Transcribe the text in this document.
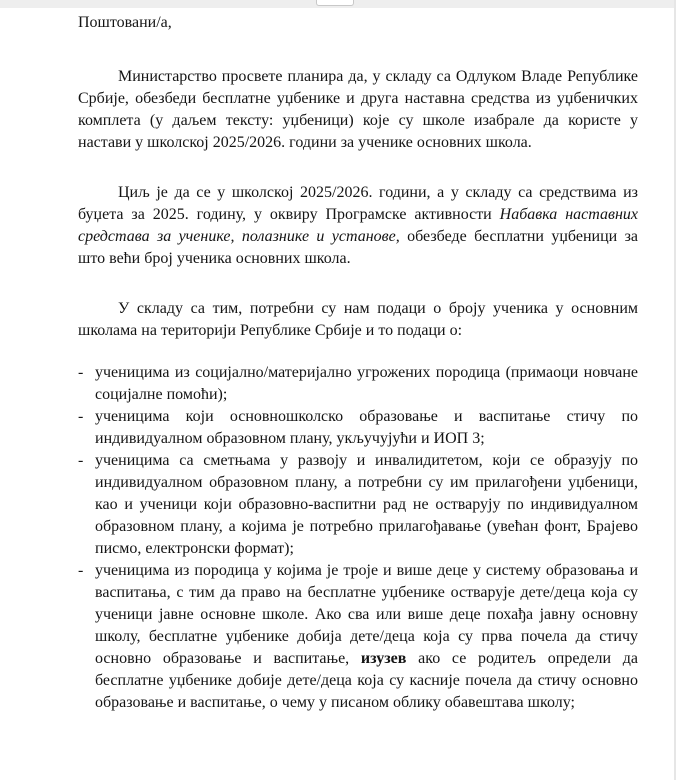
Поштовани/а,

Министарство просвете планира да, у складу са Одлуком Владе Републике Србије, обезбеди бесплатне уџбенике и друга наставна средства из уџбеничких комплета (у даљем тексту: уџбеници) које су школе изабрале да користе у настави у школској 2025/2026. години за ученике основних школа.

Циљ је да се у школској 2025/2026. години, а у складу са средствима из буџета за 2025. годину, у оквиру Програмске активности Набавка наставних средстава за ученике, полазнике и установе, обезбеде бесплатни уџбеници за што већи број ученика основних школа.

У складу са тим, потребни су нам подаци о броју ученика у основним школама на територији Републике Србије и то подаци о:

- ученицима из социјално/материјално угрожених породица (примаоци новчане социјалне помоћи);
- ученицима који основношколско образовање и васпитање стичу по индивидуалном образовном плану, укључујући и ИОП 3;
- ученицима са сметњама у развоју и инвалидитетом, који се образују по индивидуалном образовном плану, а потребни су им прилагођени уџбеници, као и ученици који образовно-васпитни рад не остварују по индивидуалном образовном плану, а којима је потребно прилагођавање (увећан фонт, Брајево писмо, електронски формат);
- ученицима из породица у којима је троје и више деце у систему образовања и васпитања, с тим да право на бесплатне уџбенике остварује дете/деца која су ученици јавне основне школе. Ако сва или више деце похађа јавну основну школу, бесплатне уџбенике добија дете/деца која су прва почела да стичу основно образовање и васпитање, изузев ако се родитељ определи да бесплатне уџбенике добије дете/деца која су касније почела да стичу основно образовање и васпитање, о чему у писаном облику обавештава школу;
